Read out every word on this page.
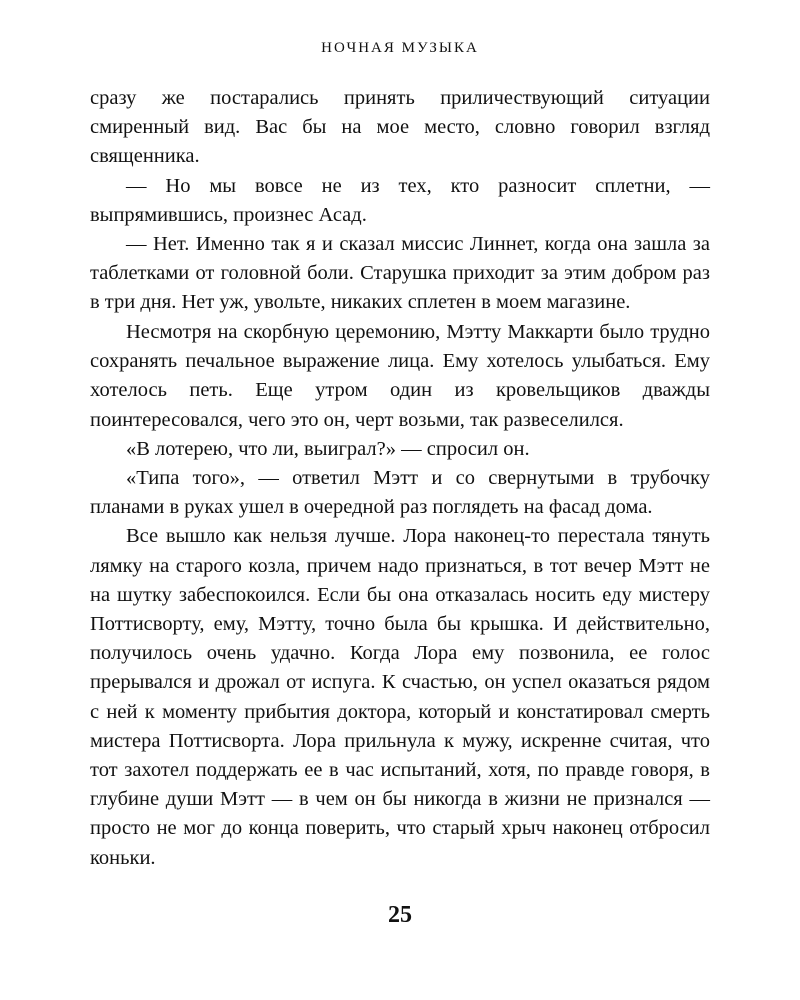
НОЧНАЯ МУЗЫКА

сразу же постарались принять приличествующий ситуации смиренный вид. Вас бы на мое место, словно говорил взгляд священника.

— Но мы вовсе не из тех, кто разносит сплетни, — выпрямившись, произнес Асад.

— Нет. Именно так я и сказал миссис Линнет, когда она зашла за таблетками от головной боли. Старушка приходит за этим добром раз в три дня. Нет уж, увольте, никаких сплетен в моем магазине.

Несмотря на скорбную церемонию, Мэтту Маккарти было трудно сохранять печальное выражение лица. Ему хотелось улыбаться. Ему хотелось петь. Еще утром один из кровельщиков дважды поинтересовался, чего это он, черт возьми, так развеселился.

«В лотерею, что ли, выиграл?» — спросил он.

«Типа того», — ответил Мэтт и со свернутыми в трубочку планами в руках ушел в очередной раз поглядеть на фасад дома.

Все вышло как нельзя лучше. Лора наконец-то перестала тянуть лямку на старого козла, причем надо признаться, в тот вечер Мэтт не на шутку забеспокоился. Если бы она отказалась носить еду мистеру Поттисворту, ему, Мэтту, точно была бы крышка. И действительно, получилось очень удачно. Когда Лора ему позвонила, ее голос прерывался и дрожал от испуга. К счастью, он успел оказаться рядом с ней к моменту прибытия доктора, который и констатировал смерть мистера Поттисворта. Лора прильнула к мужу, искренне считая, что тот захотел поддержать ее в час испытаний, хотя, по правде говоря, в глубине души Мэтт — в чем он бы никогда в жизни не признался — просто не мог до конца поверить, что старый хрыч наконец отбросил коньки.

25
